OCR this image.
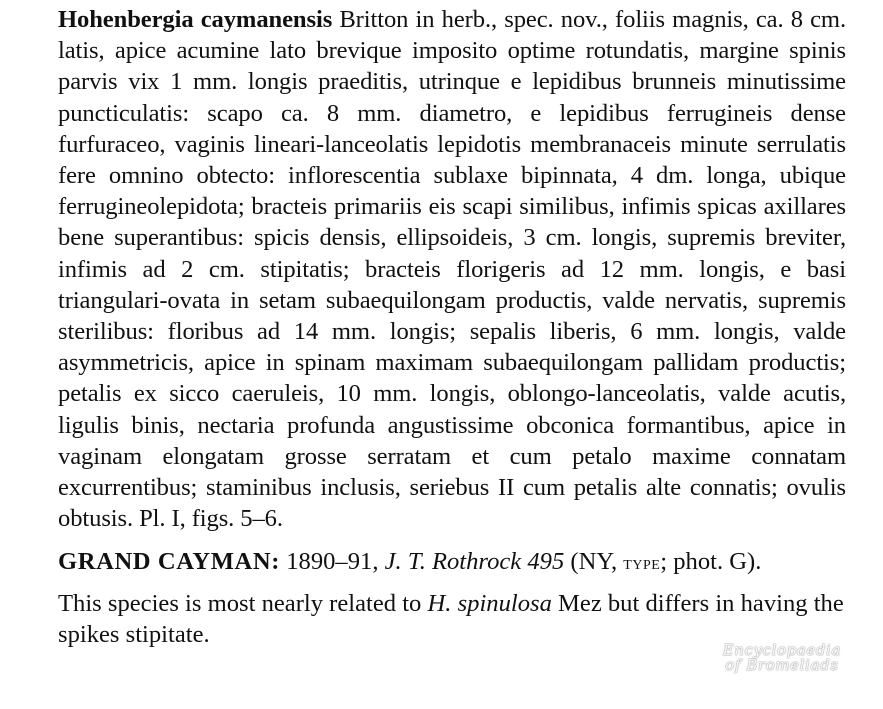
Hohenbergia caymanensis Britton in herb., spec. nov., foliis magnis, ca. 8 cm. latis, apice acumine lato brevique imposito optime rotundatis, margine spinis parvis vix 1 mm. longis praeditis, utrinque e lepidibus brunneis minutissime puncticulatis: scapo ca. 8 mm. diametro, e lepidibus ferrugineis dense furfuraceo, vaginis lineari-lanceolatis lepidotis membranaceis minute serrulatis fere omnino obtecto: inflorescentia sublaxe bipinnata, 4 dm. longa, ubique ferrugineolepidota; bracteis primariis eis scapi similibus, infimis spicas axillares bene superantibus: spicis densis, ellipsoideis, 3 cm. longis, supremis breviter, infimis ad 2 cm. stipitatis; bracteis florigeris ad 12 mm. longis, e basi triangulari-ovata in setam subaequilongam productis, valde nervatis, supremis sterilibus: floribus ad 14 mm. longis; sepalis liberis, 6 mm. longis, valde asymmetricis, apice in spinam maximam subaequilongam pallidam productis; petalis ex sicco caeruleis, 10 mm. longis, oblongo-lanceolatis, valde acutis, ligulis binis, nectaria profunda angustissime obconica formantibus, apice in vaginam elongatam grosse serratam et cum petalo maxime connatam excurrentibus; staminibus inclusis, seriebus II cum petalis alte connatis; ovulis obtusis. Pl. I, figs. 5–6.

GRAND CAYMAN: 1890–91, J. T. Rothrock 495 (NY, type; phot. G).

This species is most nearly related to H. spinulosa Mez but differs in having the spikes stipitate.

Encyclopaedia
of Bromeliads
